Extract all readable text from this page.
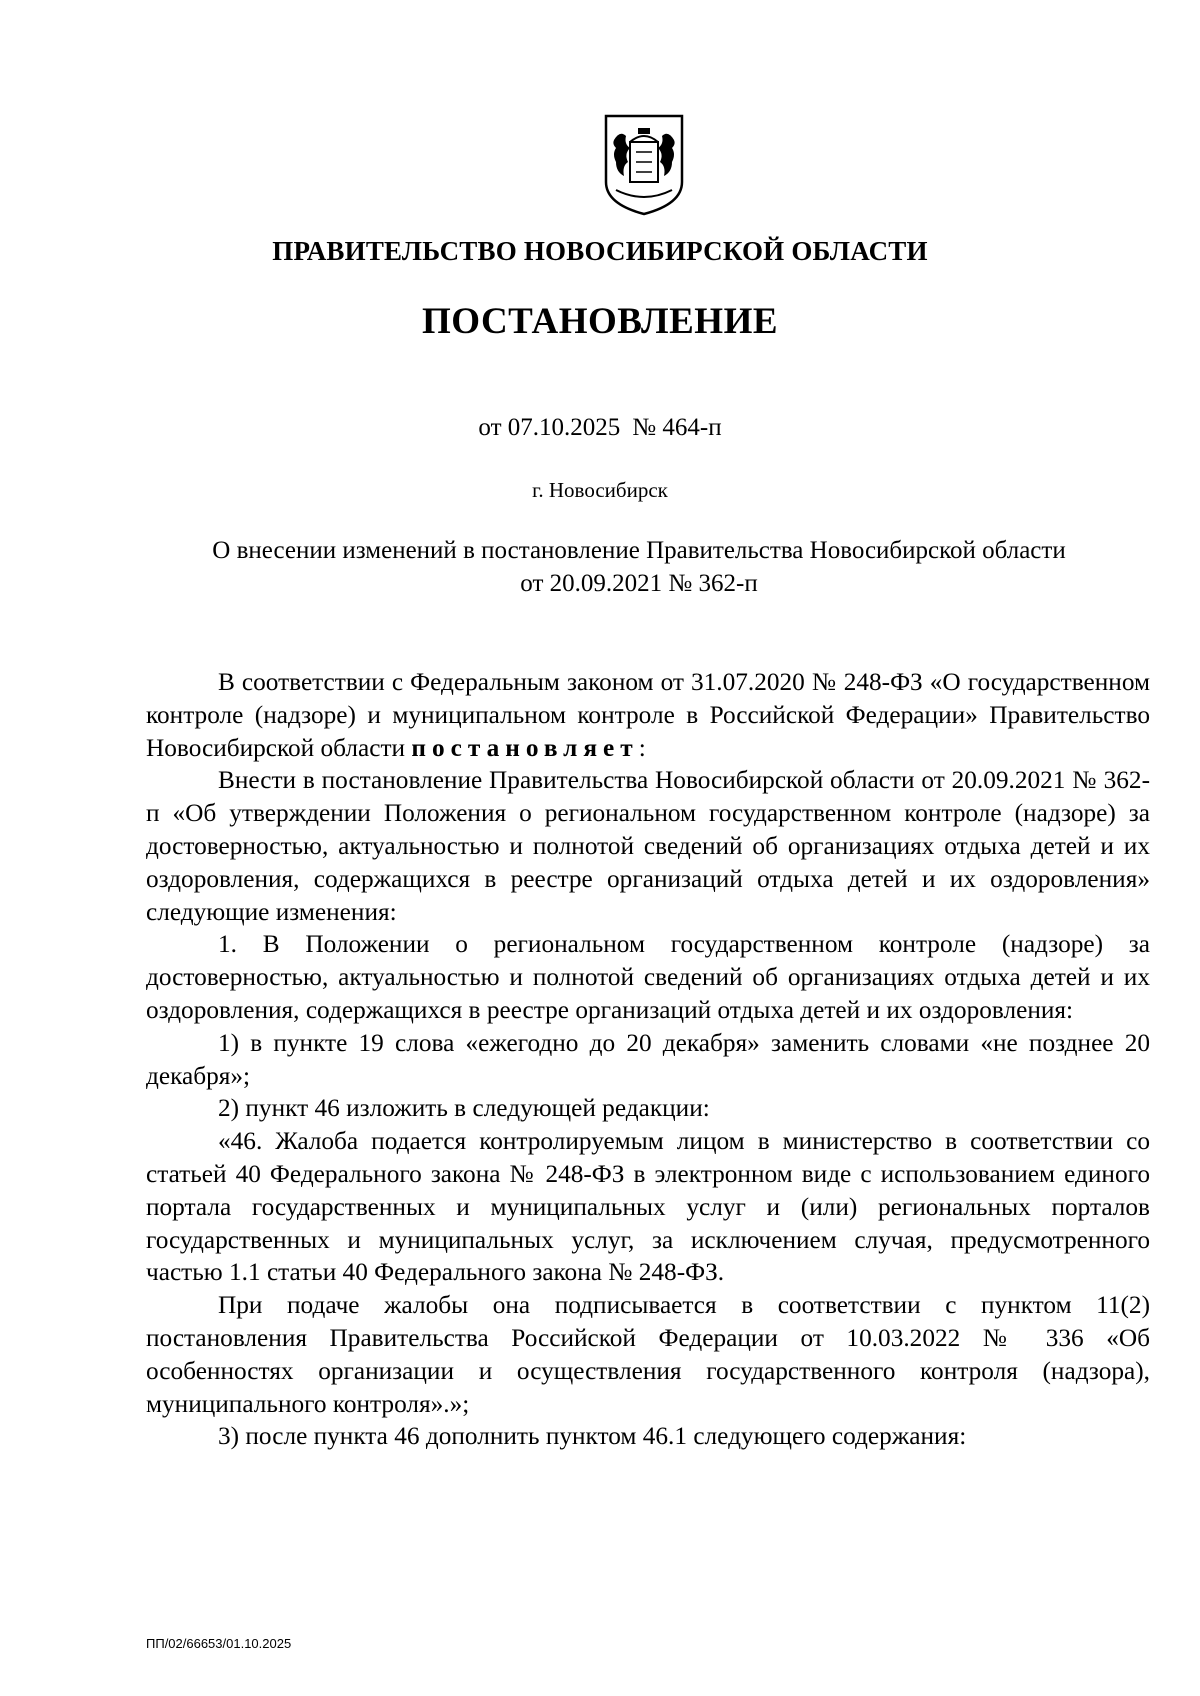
ПРАВИТЕЛЬСТВО НОВОСИБИРСКОЙ ОБЛАСТИ
ПОСТАНОВЛЕНИЕ
от 07.10.2025 № 464-п
г. Новосибирск
О внесении изменений в постановление Правительства Новосибирской области
от 20.09.2021 № 362-п

В соответствии с Федеральным законом от 31.07.2020 № 248-ФЗ «О государственном контроле (надзоре) и муниципальном контроле в Российской Федерации» Правительство Новосибирской области постановляет:

Внести в постановление Правительства Новосибирской области от 20.09.2021 № 362-п «Об утверждении Положения о региональном государственном контроле (надзоре) за достоверностью, актуальностью и полнотой сведений об организациях отдыха детей и их оздоровления, содержащихся в реестре организаций отдыха детей и их оздоровления» следующие изменения:

1. В Положении о региональном государственном контроле (надзоре) за достоверностью, актуальностью и полнотой сведений об организациях отдыха детей и их оздоровления, содержащихся в реестре организаций отдыха детей и их оздоровления:

1) в пункте 19 слова «ежегодно до 20 декабря» заменить словами «не позднее 20 декабря»;

2) пункт 46 изложить в следующей редакции:

«46. Жалоба подается контролируемым лицом в министерство в соответствии со статьей 40 Федерального закона № 248-ФЗ в электронном виде с использованием единого портала государственных и муниципальных услуг и (или) региональных порталов государственных и муниципальных услуг, за исключением случая, предусмотренного частью 1.1 статьи 40 Федерального закона № 248-ФЗ.

При подаче жалобы она подписывается в соответствии с пунктом 11(2) постановления Правительства Российской Федерации от 10.03.2022 № 336 «Об особенностях организации и осуществления государственного контроля (надзора), муниципального контроля».»;

3) после пункта 46 дополнить пунктом 46.1 следующего содержания:

ПП/02/66653/01.10.2025
